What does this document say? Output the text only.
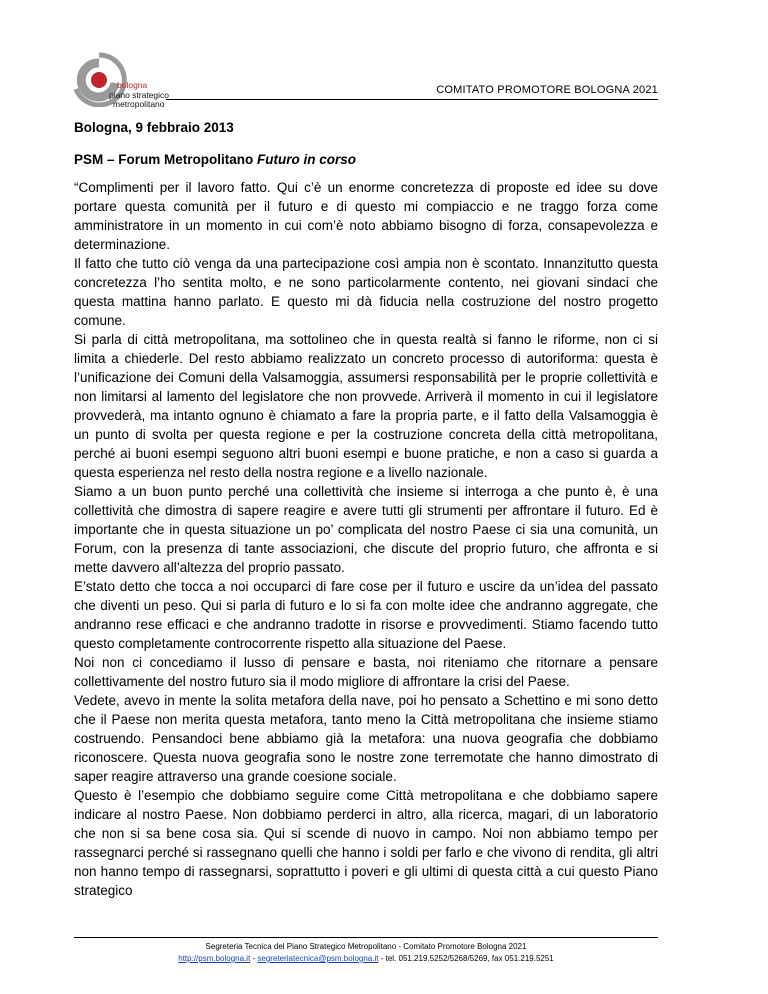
bologna
piano strategico
metropolitano
COMITATO PROMOTORE BOLOGNA 2021

Bologna, 9 febbraio 2013

PSM – Forum Metropolitano Futuro in corso

“Complimenti per il lavoro fatto. Qui c’è un enorme concretezza di proposte ed idee su dove portare questa comunità per il futuro e di questo mi compiaccio e ne traggo forza come amministratore in un momento in cui com’è noto abbiamo bisogno di forza, consapevolezza e determinazione.

Il fatto che tutto ciò venga da una partecipazione così ampia non è scontato. Innanzitutto questa concretezza l’ho sentita molto, e ne sono particolarmente contento, nei giovani sindaci che questa mattina hanno parlato. E questo mi dà fiducia nella costruzione del nostro progetto comune.

Si parla di città metropolitana, ma sottolineo che in questa realtà si fanno le riforme, non ci si limita a chiederle. Del resto abbiamo realizzato un concreto processo di autoriforma: questa è l’unificazione dei Comuni della Valsamoggia, assumersi responsabilità per le proprie collettività e non limitarsi al lamento del legislatore che non provvede. Arriverà il momento in cui il legislatore provvederà, ma intanto ognuno è chiamato a fare la propria parte, e il fatto della Valsamoggia è un punto di svolta per questa regione e per la costruzione concreta della città metropolitana, perché ai buoni esempi seguono altri buoni esempi e buone pratiche, e non a caso si guarda a questa esperienza nel resto della nostra regione e a livello nazionale.

Siamo a un buon punto perché una collettività che insieme si interroga a che punto è, è una collettività che dimostra di sapere reagire e avere tutti gli strumenti per affrontare il futuro. Ed è importante che in questa situazione un po’ complicata del nostro Paese ci sia una comunità, un Forum, con la presenza di tante associazioni, che discute del proprio futuro, che affronta e si mette davvero all’altezza del proprio passato.

E’stato detto che tocca a noi occuparci di fare cose per il futuro e uscire da un’idea del passato che diventi un peso. Qui si parla di futuro e lo si fa con molte idee che andranno aggregate, che andranno rese efficaci e che andranno tradotte in risorse e provvedimenti. Stiamo facendo tutto questo completamente controcorrente rispetto alla situazione del Paese.

Noi non ci concediamo il lusso di pensare e basta, noi riteniamo che ritornare a pensare collettivamente del nostro futuro sia il modo migliore di affrontare la crisi del Paese.

Vedete, avevo in mente la solita metafora della nave, poi ho pensato a Schettino e mi sono detto che il Paese non merita questa metafora, tanto meno la Città metropolitana che insieme stiamo costruendo. Pensandoci bene abbiamo già la metafora: una nuova geografia che dobbiamo riconoscere. Questa nuova geografia sono le nostre zone terremotate che hanno dimostrato di saper reagire attraverso una grande coesione sociale.

Questo è l’esempio che dobbiamo seguire come Città metropolitana e che dobbiamo sapere indicare al nostro Paese. Non dobbiamo perderci in altro, alla ricerca, magari, di un laboratorio che non si sa bene cosa sia. Qui si scende di nuovo in campo. Noi non abbiamo tempo per rassegnarci perché si rassegnano quelli che hanno i soldi per farlo e che vivono di rendita, gli altri non hanno tempo di rassegnarsi, soprattutto i poveri e gli ultimi di questa città a cui questo Piano strategico

Segreteria Tecnica del Piano Strategico Metropolitano - Comitato Promotore Bologna 2021
http://psm.bologna.it - segreteriatecnica@psm.bologna.it - tel. 051.219.5252/5268/5269, fax 051.219.5251
